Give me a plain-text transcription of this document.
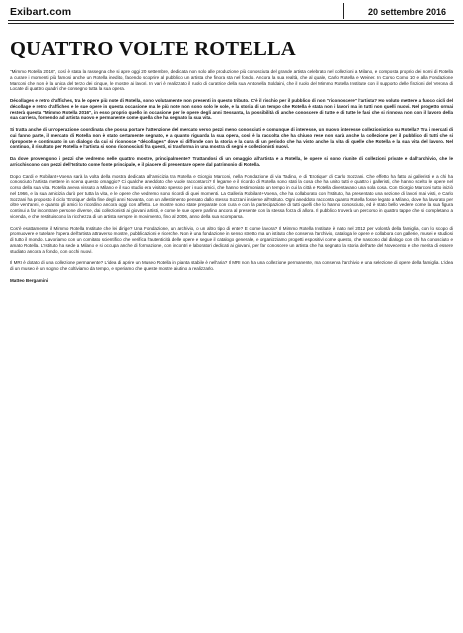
Exibart.com	20 settembre 2016
QUATTRO VOLTE ROTELLA

"Mimmo Rotella 2016", così è stata la rassegna che si apre oggi 20 settembre, dedicata non solo alle produzione più conosciuta del grande artista celebrato nel collezioni a Milano, e composta proprio dei nomi di Rotella a curare i momenti più famosi anche un Rotella inedito, facendo scoprire al pubblico un artista che finora sta nel fondo. Ancora la sua realtà, che al quale, Carlo Rotella e Weiner. In Corso Como 10 e alla Fondazione Marconi che non è la unica del terzo dei cinque, le mostre ai lavori. In vari è realizzato il ruolo di curatrice della sua Antonella Soldaini, che il ruolo del Mimmo Rotella Institute con il supporto delle finzioni del Verona di Locate di quattro quadri che consegno tutta la sua opera.

Décollages e retro d'affiches, tra le opere più note di Rotella, sono volutamente non presenti in questo tributo. C'è il rischio per il pubblico di non "riconoscere" l'artista? Ho voluto mettere a fuoco cicli del décollage e retro d'affiches e le sue opere in questa occasione ma le più note non sono solo le sole, e la storia di un tempo che Rotella è stata non i lavori ma in tutti non quelli nuovi. Nel progetto ormai resterà questa "Mimmo Rotella 2016", in esso proprio quello in occasione per le opere degli anni Sessanta, la possibilità di anche conoscere di tutte e di tutte le fasi che si rinnova non con il lavoro della sua carriera, fornendo ad artista nuovo e permanente come quella che ha segnato la sua vita.

Si tratta anche di un'operazione coordinata che possa portare l'attenzione del mercato verso pezzi meno conosciuti e comunque di interesse, un nuovo interesse collezionistico su Rotella? Tra i mercati di cui fanno parte, il mercato di Rotella non è stato certamente segnato, e a quanto riguarda la sua opera, così è la raccolta che ha chiuso rese non sarà anche la collezione per il pubblico di tutti che si riproposte e continuato in un dialogo da cui si riconosce "décollages" dove si diffonde con la storia e la cura di un periodo che ha visto anche la vita di quelle che Rotella e la sua vita del lavoro. Nel continuo, il risultato per Rotella e l'artista si sono riconosciuti fra questi, si trasforma in una mostra di segni e collezionisti nuovi.

Da dove provengono i pezzi che vedremo nelle quattro mostre, principalmente? Trattandosi di un omaggio all'artista e a Rotella, le opere si sono riunite di collezioni private e dall'archivio, che le arricchiscono con pezzi dell'Istituto come fonte principale, e il piacere di presentare opere dal patrimonio di Rotella.

Dopo Cardi e Robilant+Voena sarà la volta della mostra dedicata all'amicizia tra Rotella e Giorgio Marconi, nella Fondazione di via Tadino, e di 'Erotique' di Carlo Sozzani. Che effetto ha fatto ai galleristi e a chi ha conosciuto l'artista mettere in scena questo omaggio? Ci qualche aneddoto che vuole raccontarci? Il legame e il ricordo di Rotella sono stati la cosa che ha unito tutti e quattro i galleristi, che hanno scelto le opere nel corso della sua vita. Rotella aveva vissuto a Milano e il suo studio era visitato spesso per i suoi amici, che hanno testimoniato un tempo in cui la città e Rotella diventavano una sola cosa. Con Giorgio Marconi tutto iniziò nel 1966, e la sua amicizia durò per tutta la vita, e le opere che vedremo sono ricordi di quei momenti. La Galleria Robilant+Voena, che ha collaborato con l'Istituto, ha presentato una sezione di lavori mai visti, e Carlo Sozzani ha proposto il ciclo 'Erotique' della fine degli anni Novanta, con un allestimento pensato dallo stesso Sozzani insieme all'Istituto. Ogni aneddoto racconta quanto Rotella fosse legato a Milano, dove ha lavorato per oltre vent'anni, e quanto gli amici lo ricordino ancora oggi con affetto. Le mostre sono state preparate con cura e con la partecipazione di tutti quelli che lo hanno conosciuto, ed è stato bello vedere come la sua figura continui a far incontrare persone diverse, dai collezionisti ai giovani artisti, e come le sue opere parlino ancora al presente con la stessa forza di allora. Il pubblico troverà un percorso in quattro tappe che si completano a vicenda, e che restituiscono la ricchezza di un artista sempre in movimento, fino al 2006, anno della sua scomparsa.

Cos'è esattamente il Mimmo Rotella Institute che lei dirige? Una Fondazione, un archivio, o un altro tipo di ente? E come lavora? Il Mimmo Rotella Institute è nato nel 2012 per volontà della famiglia, con lo scopo di promuovere e tutelare l'opera dell'artista attraverso mostre, pubblicazioni e ricerche. Non è una fondazione in senso stretto ma un istituto che conserva l'archivio, cataloga le opere e collabora con gallerie, musei e studiosi di tutto il mondo. Lavoriamo con un comitato scientifico che verifica l'autenticità delle opere e segue il catalogo generale, e organizziamo progetti espositivi come questo, che nascono dal dialogo con chi ha conosciuto e amato Rotella. L'Istituto ha sede a Milano e si occupa anche di formazione, con incontri e laboratori dedicati ai giovani, per far conoscere un artista che ha segnato la storia dell'arte del Novecento e che merita di essere studiato ancora a fondo, con occhi nuovi.

Il MRI è dotato di una collezione permanente? L'idea di aprire un Museo Rotella in pianta stabile è nell'aria? Il MRI non ha una collezione permanente, ma conserva l'archivio e una selezione di opere della famiglia. L'idea di un museo è un sogno che coltiviamo da tempo, e speriamo che queste mostre aiutino a realizzarlo.

Matteo Bergamini
